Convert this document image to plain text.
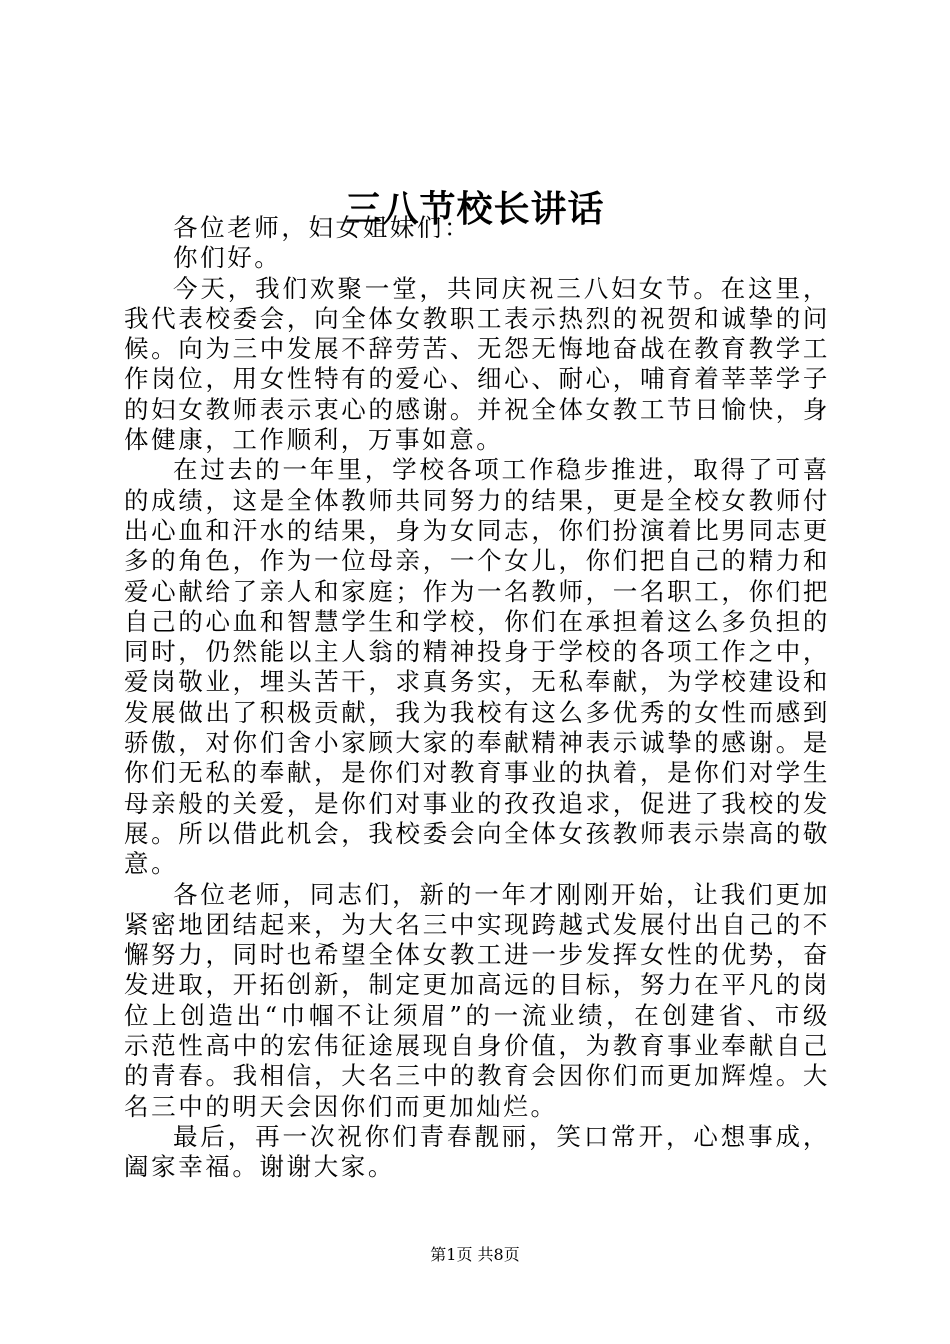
三八节校长讲话

各位老师，妇女姐妹们：

你们好。

今天，我们欢聚一堂，共同庆祝三八妇女节。在这里，我代表校委会，向全体女教职工表示热烈的祝贺和诚挚的问候。向为三中发展不辞劳苦、无怨无悔地奋战在教育教学工作岗位，用女性特有的爱心、细心、耐心，哺育着莘莘学子的妇女教师表示衷心的感谢。并祝全体女教工节日愉快，身体健康，工作顺利，万事如意。

在过去的一年里，学校各项工作稳步推进，取得了可喜的成绩，这是全体教师共同努力的结果，更是全校女教师付出心血和汗水的结果，身为女同志，你们扮演着比男同志更多的角色，作为一位母亲，一个女儿，你们把自己的精力和爱心献给了亲人和家庭；作为一名教师，一名职工，你们把自己的心血和智慧学生和学校，你们在承担着这么多负担的同时，仍然能以主人翁的精神投身于学校的各项工作之中，爱岗敬业，埋头苦干，求真务实，无私奉献，为学校建设和发展做出了积极贡献，我为我校有这么多优秀的女性而感到骄傲，对你们舍小家顾大家的奉献精神表示诚挚的感谢。是你们无私的奉献，是你们对教育事业的执着，是你们对学生母亲般的关爱，是你们对事业的孜孜追求，促进了我校的发展。所以借此机会，我校委会向全体女孩教师表示崇高的敬意。

各位老师，同志们，新的一年才刚刚开始，让我们更加紧密地团结起来，为大名三中实现跨越式发展付出自己的不懈努力，同时也希望全体女教工进一步发挥女性的优势，奋发进取，开拓创新，制定更加高远的目标，努力在平凡的岗位上创造出“巾帼不让须眉”的一流业绩，在创建省、市级示范性高中的宏伟征途展现自身价值，为教育事业奉献自己的青春。我相信，大名三中的教育会因你们而更加辉煌。大名三中的明天会因你们而更加灿烂。

最后，再一次祝你们青春靓丽，笑口常开，心想事成，阖家幸福。谢谢大家。

第1页 共8页
